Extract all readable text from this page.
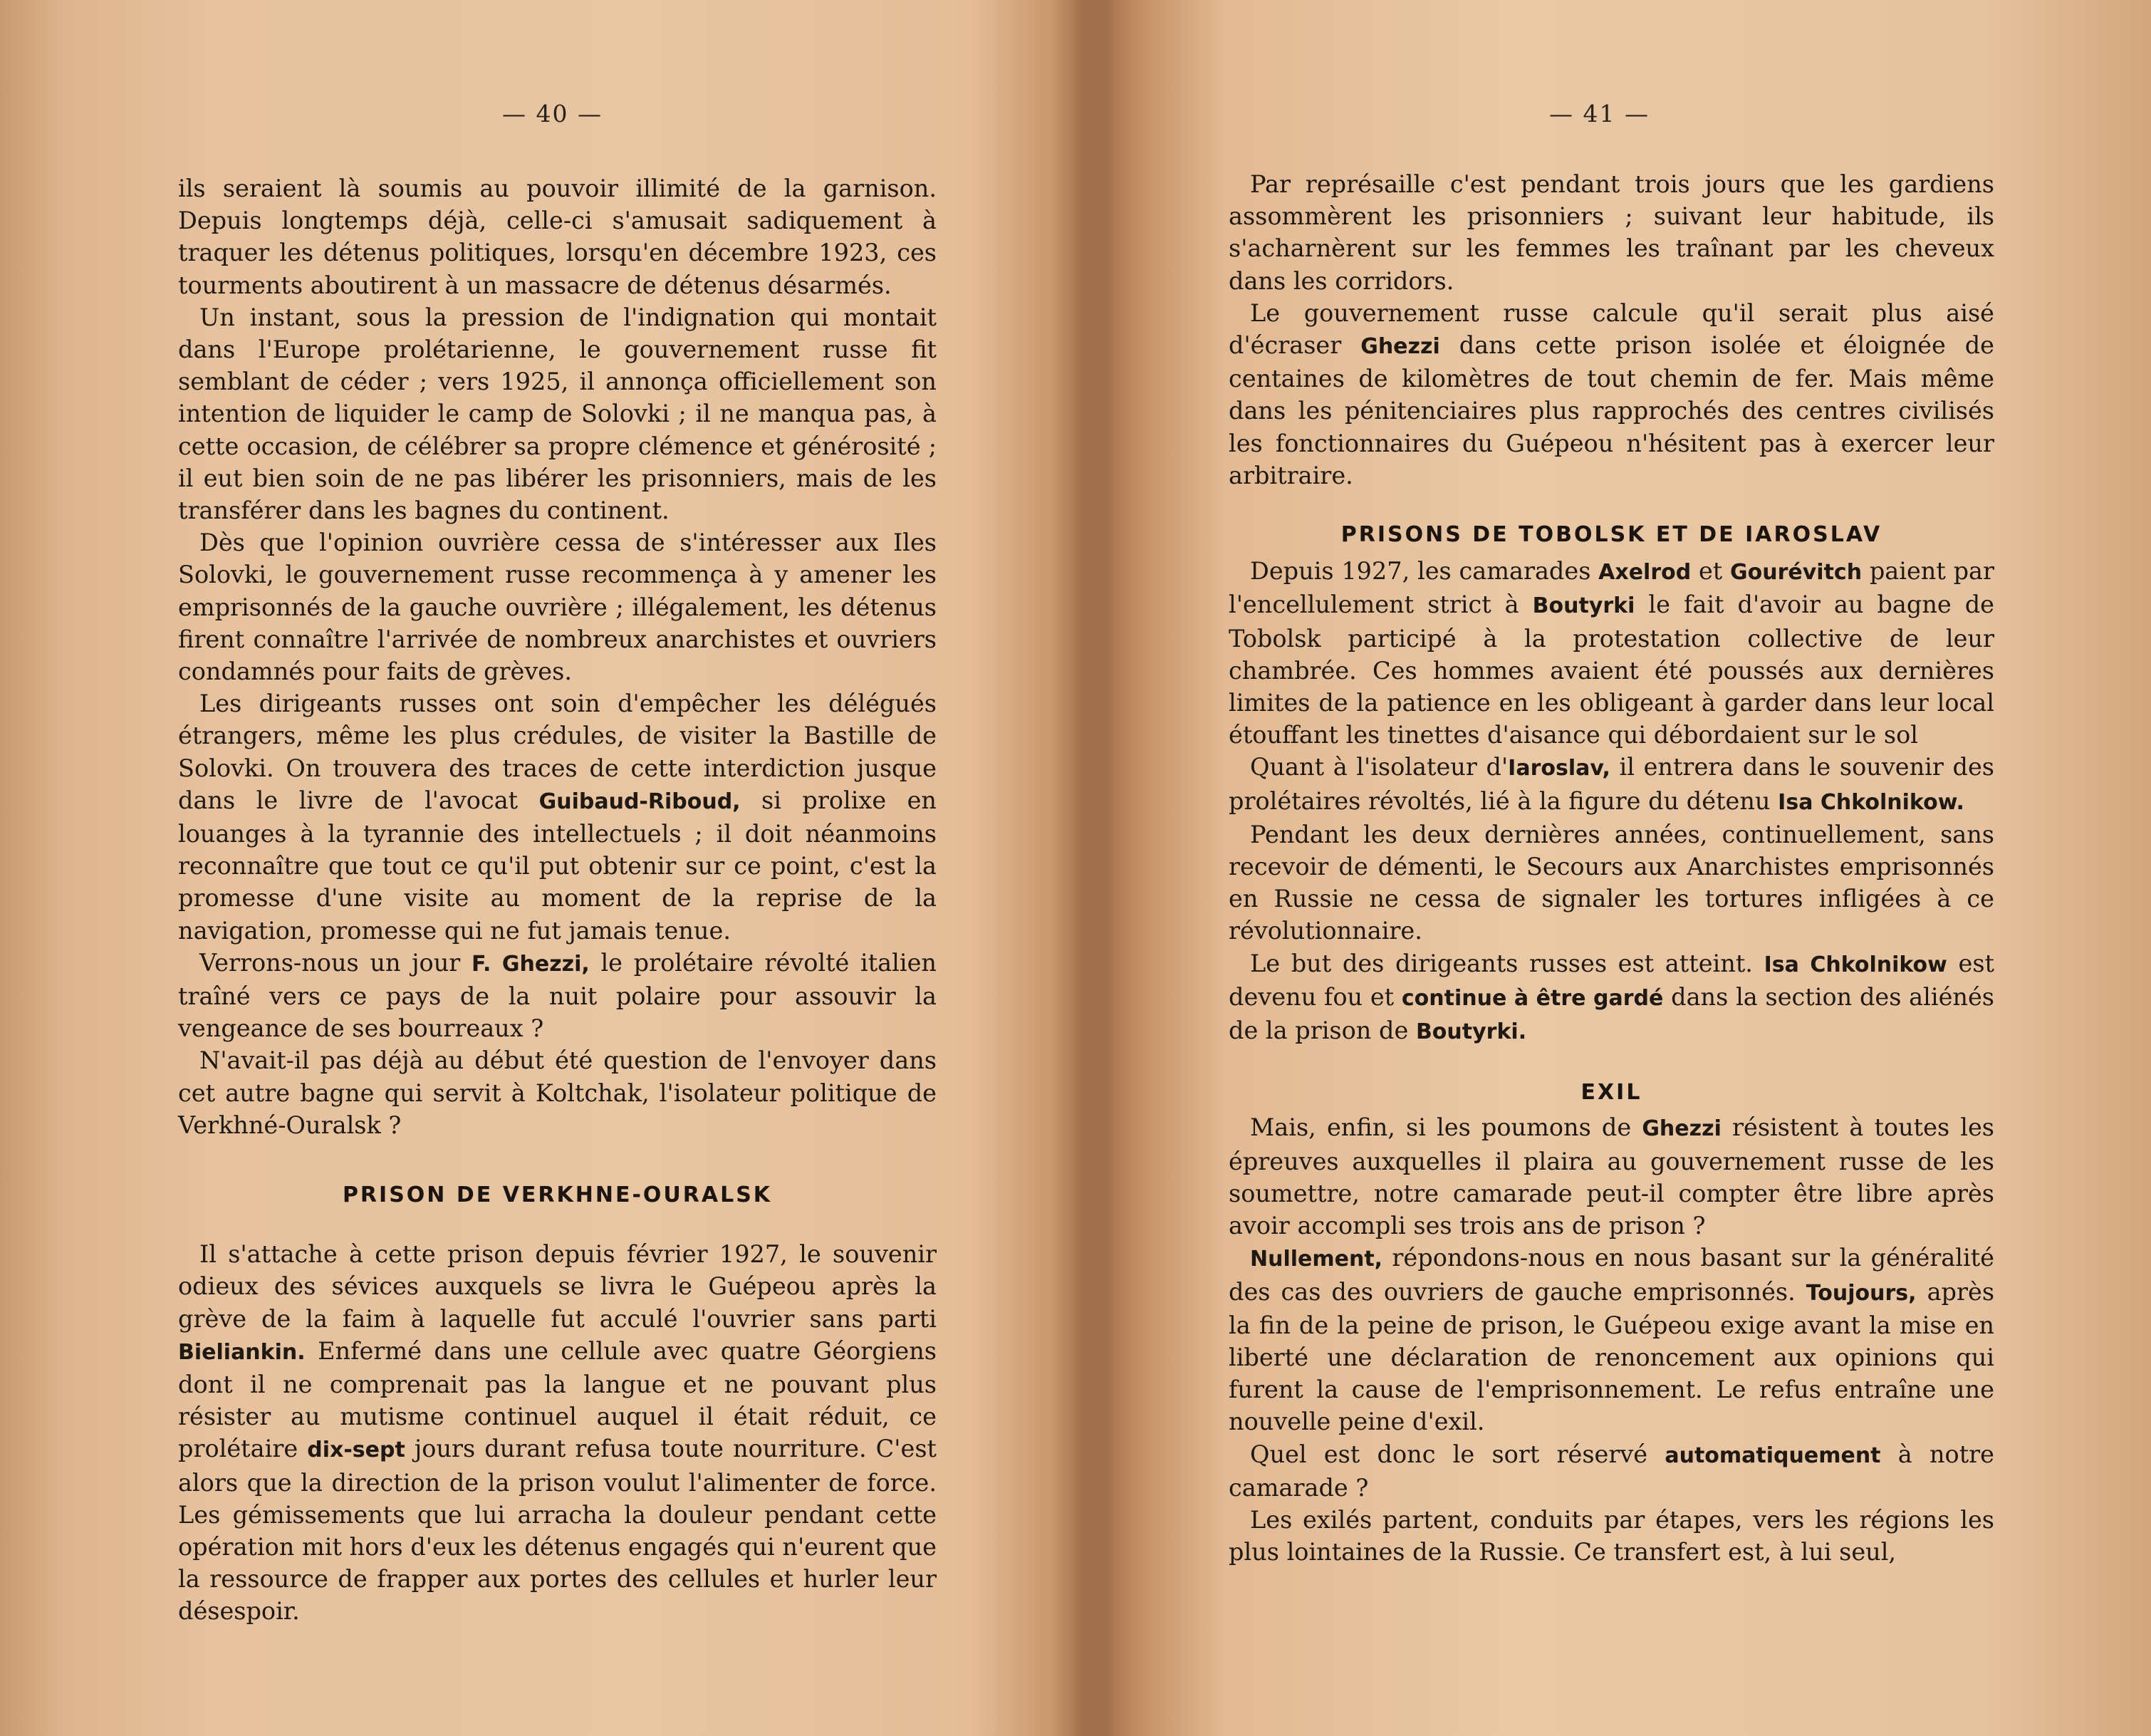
— 40 —

ils seraient là soumis au pouvoir illimité de la garnison. Depuis longtemps déjà, celle-ci s'amusait sadiquement à traquer les détenus politiques, lorsqu'en décembre 1923, ces tourments aboutirent à un massacre de détenus désarmés.

Un instant, sous la pression de l'indignation qui montait dans l'Europe prolétarienne, le gouvernement russe fit semblant de céder ; vers 1925, il annonça officiellement son intention de liquider le camp de Solovki ; il ne manqua pas, à cette occasion, de célébrer sa propre clémence et générosité ; il eut bien soin de ne pas libérer les prisonniers, mais de les transférer dans les bagnes du continent.

Dès que l'opinion ouvrière cessa de s'intéresser aux Iles Solovki, le gouvernement russe recommença à y amener les emprisonnés de la gauche ouvrière ; illégalement, les détenus firent connaître l'arrivée de nombreux anarchistes et ouvriers condamnés pour faits de grèves.

Les dirigeants russes ont soin d'empêcher les délégués étrangers, même les plus crédules, de visiter la Bastille de Solovki. On trouvera des traces de cette interdiction jusque dans le livre de l'avocat Guibaud-Riboud, si prolixe en louanges à la tyrannie des intellectuels ; il doit néanmoins reconnaître que tout ce qu'il put obtenir sur ce point, c'est la promesse d'une visite au moment de la reprise de la navigation, promesse qui ne fut jamais tenue.

Verrons-nous un jour F. Ghezzi, le prolétaire révolté italien traîné vers ce pays de la nuit polaire pour assouvir la vengeance de ses bourreaux ?

N'avait-il pas déjà au début été question de l'envoyer dans cet autre bagne qui servit à Koltchak, l'isolateur politique de Verkhné-Ouralsk ?

PRISON DE VERKHNE-OURALSK

Il s'attache à cette prison depuis février 1927, le souvenir odieux des sévices auxquels se livra le Guépeou après la grève de la faim à laquelle fut acculé l'ouvrier sans parti Bieliankin. Enfermé dans une cellule avec quatre Géorgiens dont il ne comprenait pas la langue et ne pouvant plus résister au mutisme continuel auquel il était réduit, ce prolétaire dix-sept jours durant refusa toute nourriture. C'est alors que la direction de la prison voulut l'alimenter de force. Les gémissements que lui arracha la douleur pendant cette opération mit hors d'eux les détenus engagés qui n'eurent que la ressource de frapper aux portes des cellules et hurler leur désespoir.

— 41 —

Par représaille c'est pendant trois jours que les gardiens assommèrent les prisonniers ; suivant leur habitude, ils s'acharnèrent sur les femmes les traînant par les cheveux dans les corridors.

Le gouvernement russe calcule qu'il serait plus aisé d'écraser Ghezzi dans cette prison isolée et éloignée de centaines de kilomètres de tout chemin de fer. Mais même dans les pénitenciaires plus rapprochés des centres civilisés les fonctionnaires du Guépeou n'hésitent pas à exercer leur arbitraire.

PRISONS DE TOBOLSK ET DE IAROSLAV

Depuis 1927, les camarades Axelrod et Gourévitch paient par l'encellulement strict à Boutyrki le fait d'avoir au bagne de Tobolsk participé à la protestation collective de leur chambrée. Ces hommes avaient été poussés aux dernières limites de la patience en les obligeant à garder dans leur local étouffant les tinettes d'aisance qui débordaient sur le sol

Quant à l'isolateur d'Iaroslav, il entrera dans le souvenir des prolétaires révoltés, lié à la figure du détenu Isa Chkolnikow.

Pendant les deux dernières années, continuellement, sans recevoir de démenti, le Secours aux Anarchistes emprisonnés en Russie ne cessa de signaler les tortures infligées à ce révolutionnaire.

Le but des dirigeants russes est atteint. Isa Chkolnikow est devenu fou et continue à être gardé dans la section des aliénés de la prison de Boutyrki.

EXIL

Mais, enfin, si les poumons de Ghezzi résistent à toutes les épreuves auxquelles il plaira au gouvernement russe de les soumettre, notre camarade peut-il compter être libre après avoir accompli ses trois ans de prison ?

Nullement, répondons-nous en nous basant sur la généralité des cas des ouvriers de gauche emprisonnés. Toujours, après la fin de la peine de prison, le Guépeou exige avant la mise en liberté une déclaration de renoncement aux opinions qui furent la cause de l'emprisonnement. Le refus entraîne une nouvelle peine d'exil.

Quel est donc le sort réservé automatiquement à notre camarade ?

Les exilés partent, conduits par étapes, vers les régions les plus lointaines de la Russie. Ce transfert est, à lui seul,
